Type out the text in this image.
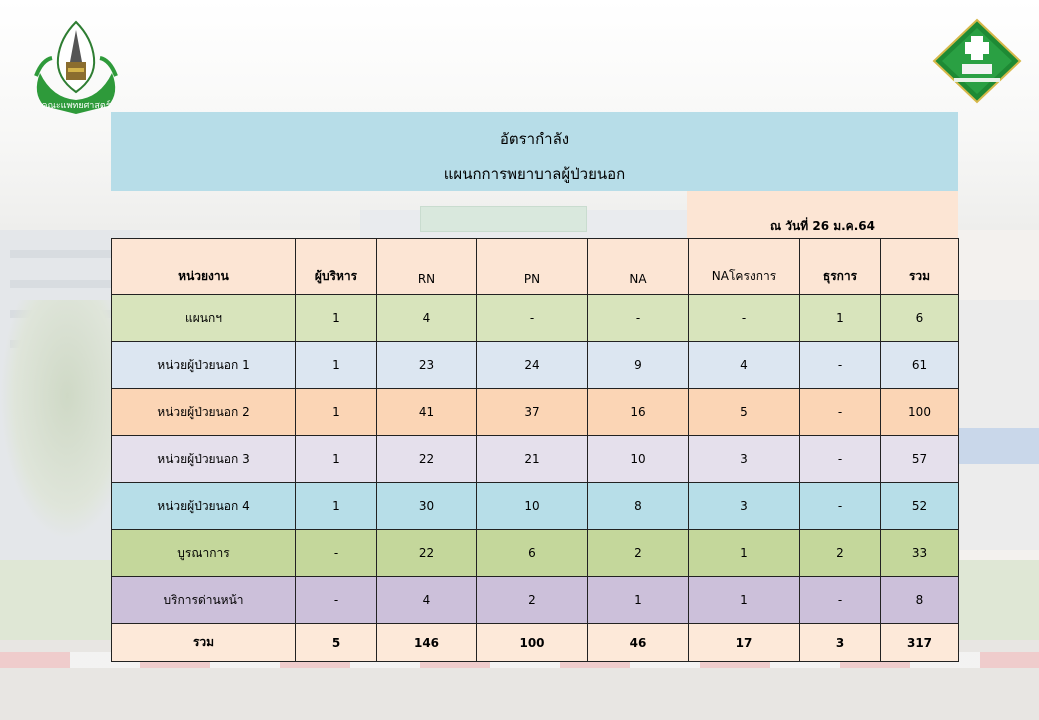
คณะแพทยศาสตร์
อัตรากำลัง
แผนกการพยาบาลผู้ป่วยนอก
ณ วันที่ 26 ม.ค.64
หน่วยงาน	ผู้บริหาร	RN	PN	NA	NAโครงการ	ธุรการ	รวม
แผนกฯ	1	4	-	-	-	1	6
หน่วยผู้ป่วยนอก 1	1	23	24	9	4	-	61
หน่วยผู้ป่วยนอก 2	1	41	37	16	5	-	100
หน่วยผู้ป่วยนอก 3	1	22	21	10	3	-	57
หน่วยผู้ป่วยนอก 4	1	30	10	8	3	-	52
บูรณาการ	-	22	6	2	1	2	33
บริการด่านหน้า	-	4	2	1	1	-	8
รวม	5	146	100	46	17	3	317
